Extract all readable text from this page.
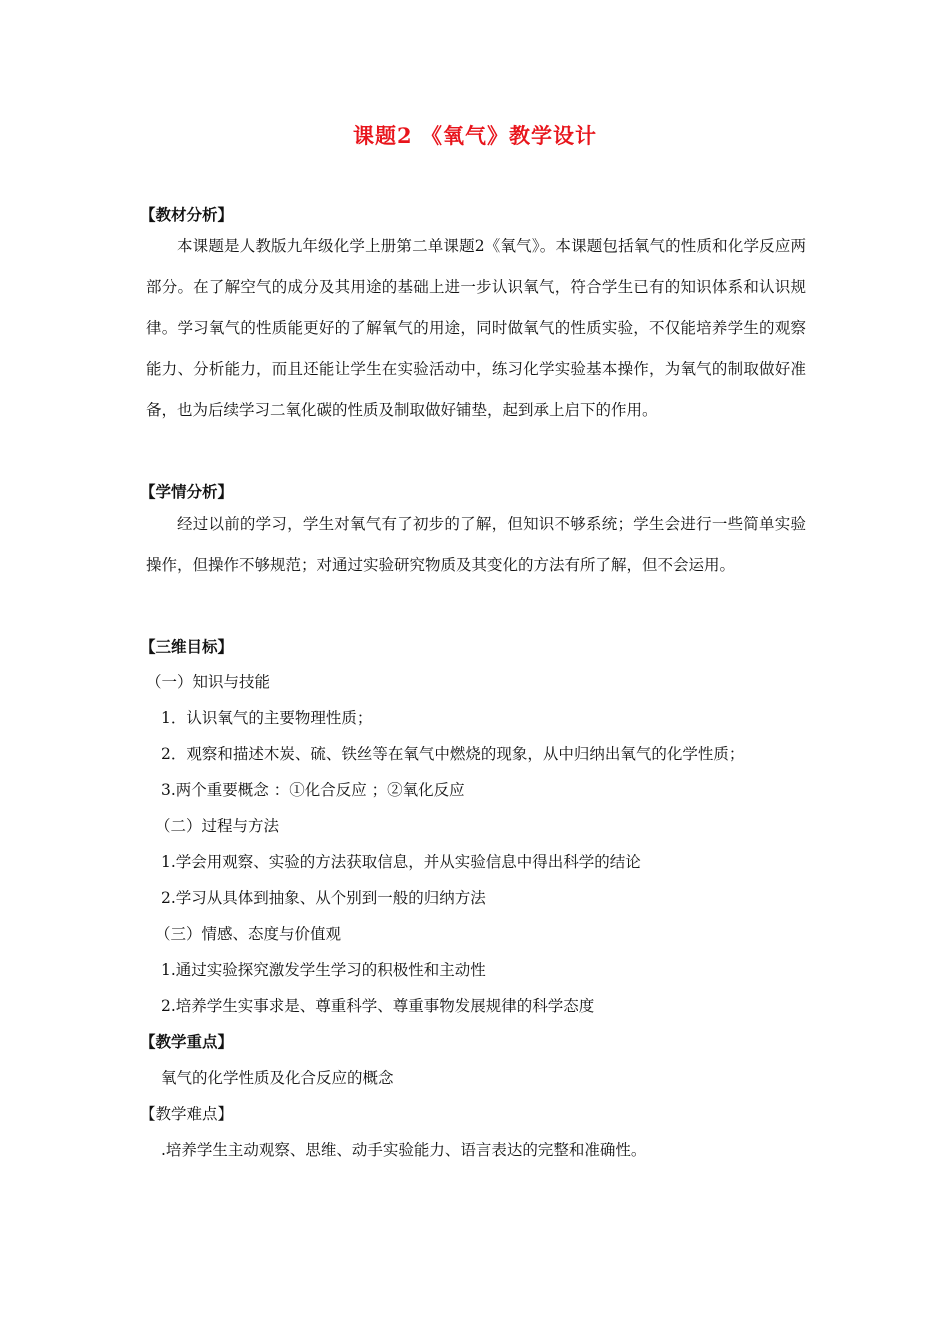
课题2 《氧气》教学设计
【教材分析】

本课题是人教版九年级化学上册第二单课题2《氧气》。本课题包括氧气的性质和化学反应两部分。在了解空气的成分及其用途的基础上进一步认识氧气，符合学生已有的知识体系和认识规律。学习氧气的性质能更好的了解氧气的用途，同时做氧气的性质实验，不仅能培养学生的观察能力、分析能力，而且还能让学生在实验活动中，练习化学实验基本操作，为氧气的制取做好准备，也为后续学习二氧化碳的性质及制取做好铺垫，起到承上启下的作用。

【学情分析】

经过以前的学习，学生对氧气有了初步的了解，但知识不够系统；学生会进行一些简单实验操作，但操作不够规范；对通过实验研究物质及其变化的方法有所了解，但不会运用。

【三维目标】
（一）知识与技能
1．认识氧气的主要物理性质；
2．观察和描述木炭、硫、铁丝等在氧气中燃烧的现象，从中归纳出氧气的化学性质；
3.两个重要概念 ：①化合反应 ；②氧化反应
（二）过程与方法
1.学会用观察、实验的方法获取信息，并从实验信息中得出科学的结论
2.学习从具体到抽象、从个别到一般的归纳方法
（三）情感、态度与价值观
1.通过实验探究激发学生学习的积极性和主动性
2.培养学生实事求是、尊重科学、尊重事物发展规律的科学态度
【教学重点】
氧气的化学性质及化合反应的概念
【教学难点】
.培养学生主动观察、思维、动手实验能力、语言表达的完整和准确性。
